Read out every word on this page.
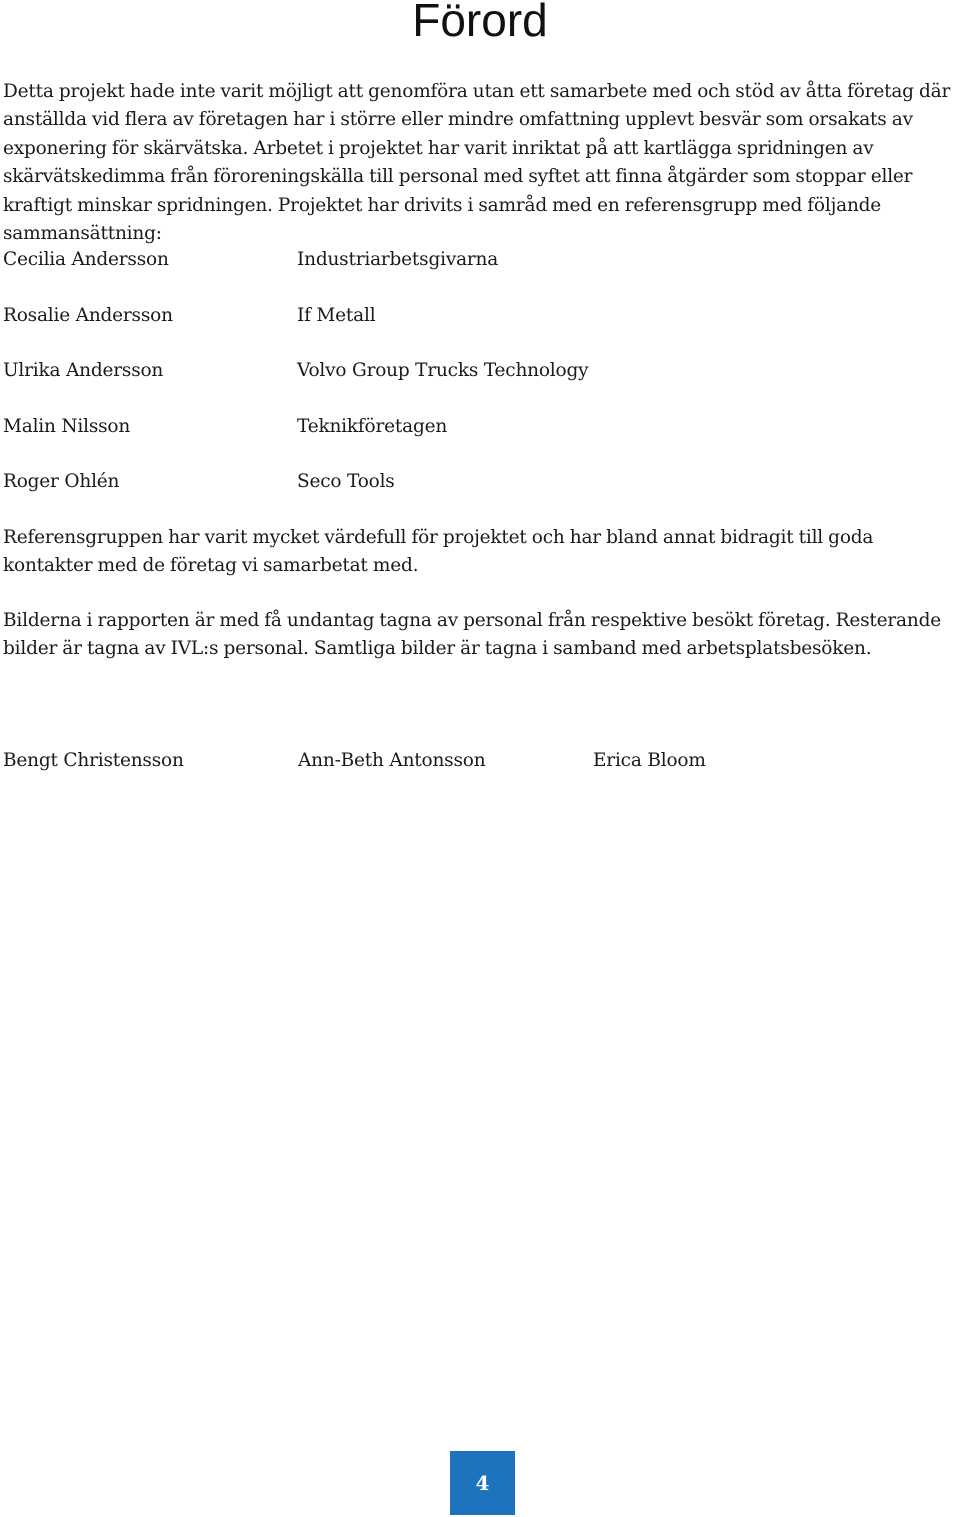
Förord

Detta projekt hade inte varit möjligt att genomföra utan ett samarbete med och stöd av åtta företag där anställda vid flera av företagen har i större eller mindre omfattning upplevt besvär som orsakats av exponering för skärvätska. Arbetet i projektet har varit inriktat på att kartlägga spridningen av skärvätskedimma från föroreningskälla till personal med syftet att finna åtgärder som stoppar eller kraftigt minskar spridningen. Projektet har drivits i samråd med en referensgrupp med följande sammansättning:

Cecilia Andersson	Industriarbetsgivarna
Rosalie Andersson	If Metall
Ulrika Andersson	Volvo Group Trucks Technology
Malin Nilsson	Teknikföretagen
Roger Ohlén	Seco Tools

Referensgruppen har varit mycket värdefull för projektet och har bland annat bidragit till goda kontakter med de företag vi samarbetat med.

Bilderna i rapporten är med få undantag tagna av personal från respektive besökt företag. Resterande bilder är tagna av IVL:s personal. Samtliga bilder är tagna i samband med arbetsplatsbesöken.

Bengt Christensson	Ann-Beth Antonsson	Erica Bloom
4
